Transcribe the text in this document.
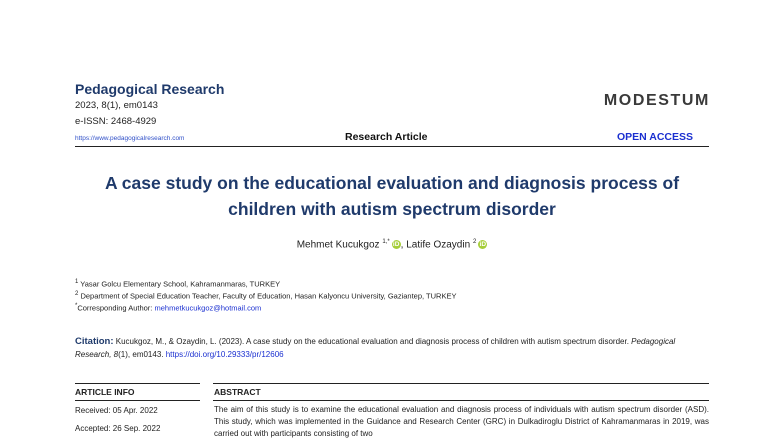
Pedagogical Research
2023, 8(1), em0143
e-ISSN: 2468-4929
https://www.pedagogicalresearch.com
MODESTUM
Research Article	OPEN ACCESS
A case study on the educational evaluation and diagnosis process of
children with autism spectrum disorder
Mehmet Kucukgoz $^{1,*}$ iD, Latife Ozaydin $^2$ iD
$^1$ Yasar Golcu Elementary School, Kahramanmaras, TURKEY
$^2$ Department of Special Education Teacher, Faculty of Education, Hasan Kalyoncu University, Gaziantep, TURKEY
*Corresponding Author: mehmetkucukgoz@hotmail.com
Citation: Kucukgoz, M., & Ozaydin, L. (2023). A case study on the educational evaluation and diagnosis process of children with autism spectrum disorder. Pedagogical Research, 8(1), em0143. https://doi.org/10.29333/pr/12606
ARTICLE INFO	ABSTRACT
Received: 05 Apr. 2022
Accepted: 26 Sep. 2022
The aim of this study is to examine the educational evaluation and diagnosis process of individuals with autism spectrum disorder (ASD). This study, which was implemented in the Guidance and Research Center (GRC) in Dulkadiroglu District of Kahramanmaras in 2019, was carried out with participants consisting of two
